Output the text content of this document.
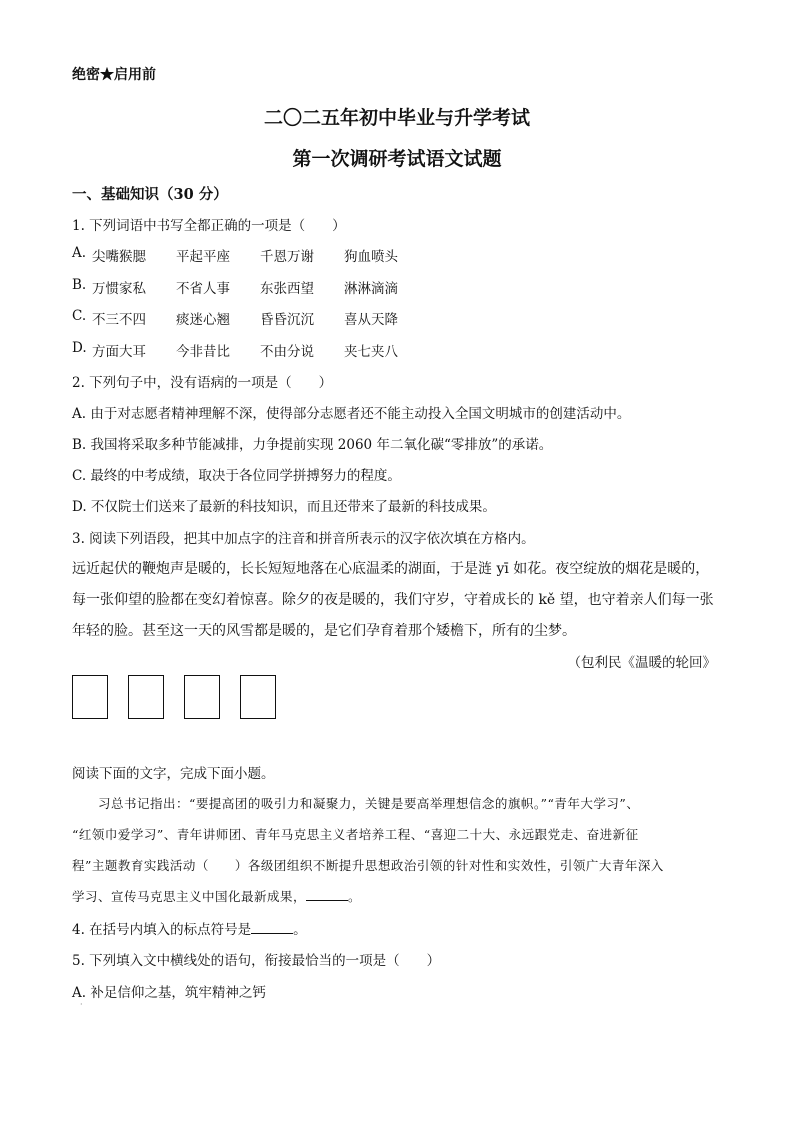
绝密★启用前
二〇二五年初中毕业与升学考试
第一次调研考试语文试题
一、基础知识（30 分）
1. 下列词语中书写全都正确的一项是（　　）
A. 尖嘴猴腮	平起平座	千恩万谢	狗血喷头
B. 万惯家私	不省人事	东张西望	淋淋滴滴
C. 不三不四	痰迷心翘	昏昏沉沉	喜从天降
D. 方面大耳	今非昔比	不由分说	夹七夹八
2. 下列句子中，没有语病的一项是（　　）
A. 由于对志愿者精神理解不深，使得部分志愿者还不能主动投入全国文明城市的创建活动中。
B. 我国将采取多种节能减排，力争提前实现 2060 年二氧化碳“零排放”的承诺。
C. 最终的中考成绩，取决于各位同学拼搏努力的程度。
D. 不仅院士们送来了最新的科技知识，而且还带来了最新的科技成果。
3. 阅读下列语段，把其中加点字的注音和拼音所表示的汉字依次填在方格内。
远近起伏的鞭炮声是暖的，长长短短地落在心底温柔的湖面，于是涟 yī 如花。夜空绽放的烟花是暖的，
每一张仰望的脸都在变幻着惊喜。除夕的夜是暖的，我们守岁，守着成长的 kě 望，也守着亲人们每一张
年轻的脸。甚至这一天的风雪都是暖的，是它们孕育着那个矮檐下，所有的尘梦。
（包利民《温暖的轮回》
阅读下面的文字，完成下面小题。
　　习总书记指出：“要提高团的吸引力和凝聚力，关键是要高举理想信念的旗帜。”“青年大学习”、
“红领巾爱学习”、青年讲师团、青年马克思主义者培养工程、“喜迎二十大、永远跟党走、奋进新征
程”主题教育实践活动（　　）各级团组织不断提升思想政治引领的针对性和实效性，引领广大青年深入
学习、宣传马克思主义中国化最新成果，	。
4. 在括号内填入的标点符号是	。
5. 下列填入文中横线处的语句，衔接最恰当的一项是（　　）
A. 补足信仰之基，筑牢精神之钙
·
